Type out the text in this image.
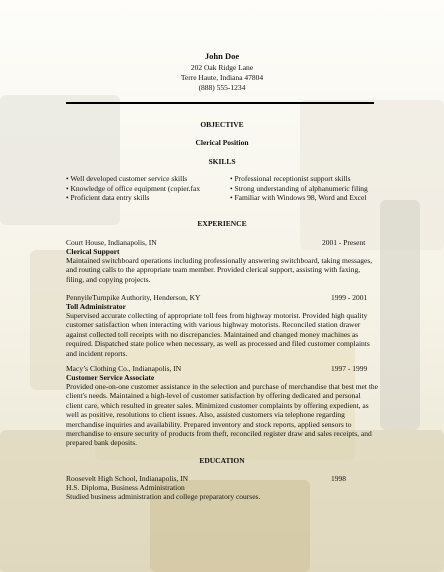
John Doe
202 Oak Ridge Lane
Terre Haute, Indiana 47804
(888) 555-1234
OBJECTIVE
Clerical Position
SKILLS
• Well developed customer service skills
• Knowledge of office equipment (copier.fax
• Proficient data entry skills
• Professional receptionist support skills
• Strong understanding of alphanumeric filing
• Familiar with Windows 98, Word and Excel
EXPERIENCE
Court House, Indianapolis, IN	2001 - Present
Clerical Support
Maintained switchboard operations including professionally answering switchboard, taking messages, and routing calls to the appropriate team member. Provided clerical support, assisting with faxing, filing, and copying projects.
PennyileTurnpike Authority, Henderson, KY	1999 - 2001
Toll Administrator
Supervised accurate collecting of appropriate toll fees from highway motorist. Provided high quality customer satisfaction when interacting with various highway motorists. Reconciled station drawer against collected toll receipts with no discrepancies. Maintained and changed money machines as required. Dispatched state police when necessary, as well as processed and filed customer complaints and incident reports.
Macy’s Clothing Co., Indianapolis, IN	1997 - 1999
Customer Service Associate
Provided one-on-one customer assistance in the selection and purchase of merchandise that best met the client's needs. Maintained a high-level of customer satisfaction by offering dedicated and personal client care, which resulted in greater sales. Minimized customer complaints by offering expedient, as well as positive, resolutions to client issues. Also, assisted customers via telephone regarding merchandise inquiries and availability. Prepared inventory and stock reports, applied sensors to merchandise to ensure security of products from theft, reconciled register draw and sales receipts, and prepared bank deposits.
EDUCATION
Roosevelt High School, Indianapolis, IN	1998
H.S. Diploma, Business Administration
Studied business administration and college preparatory courses.
